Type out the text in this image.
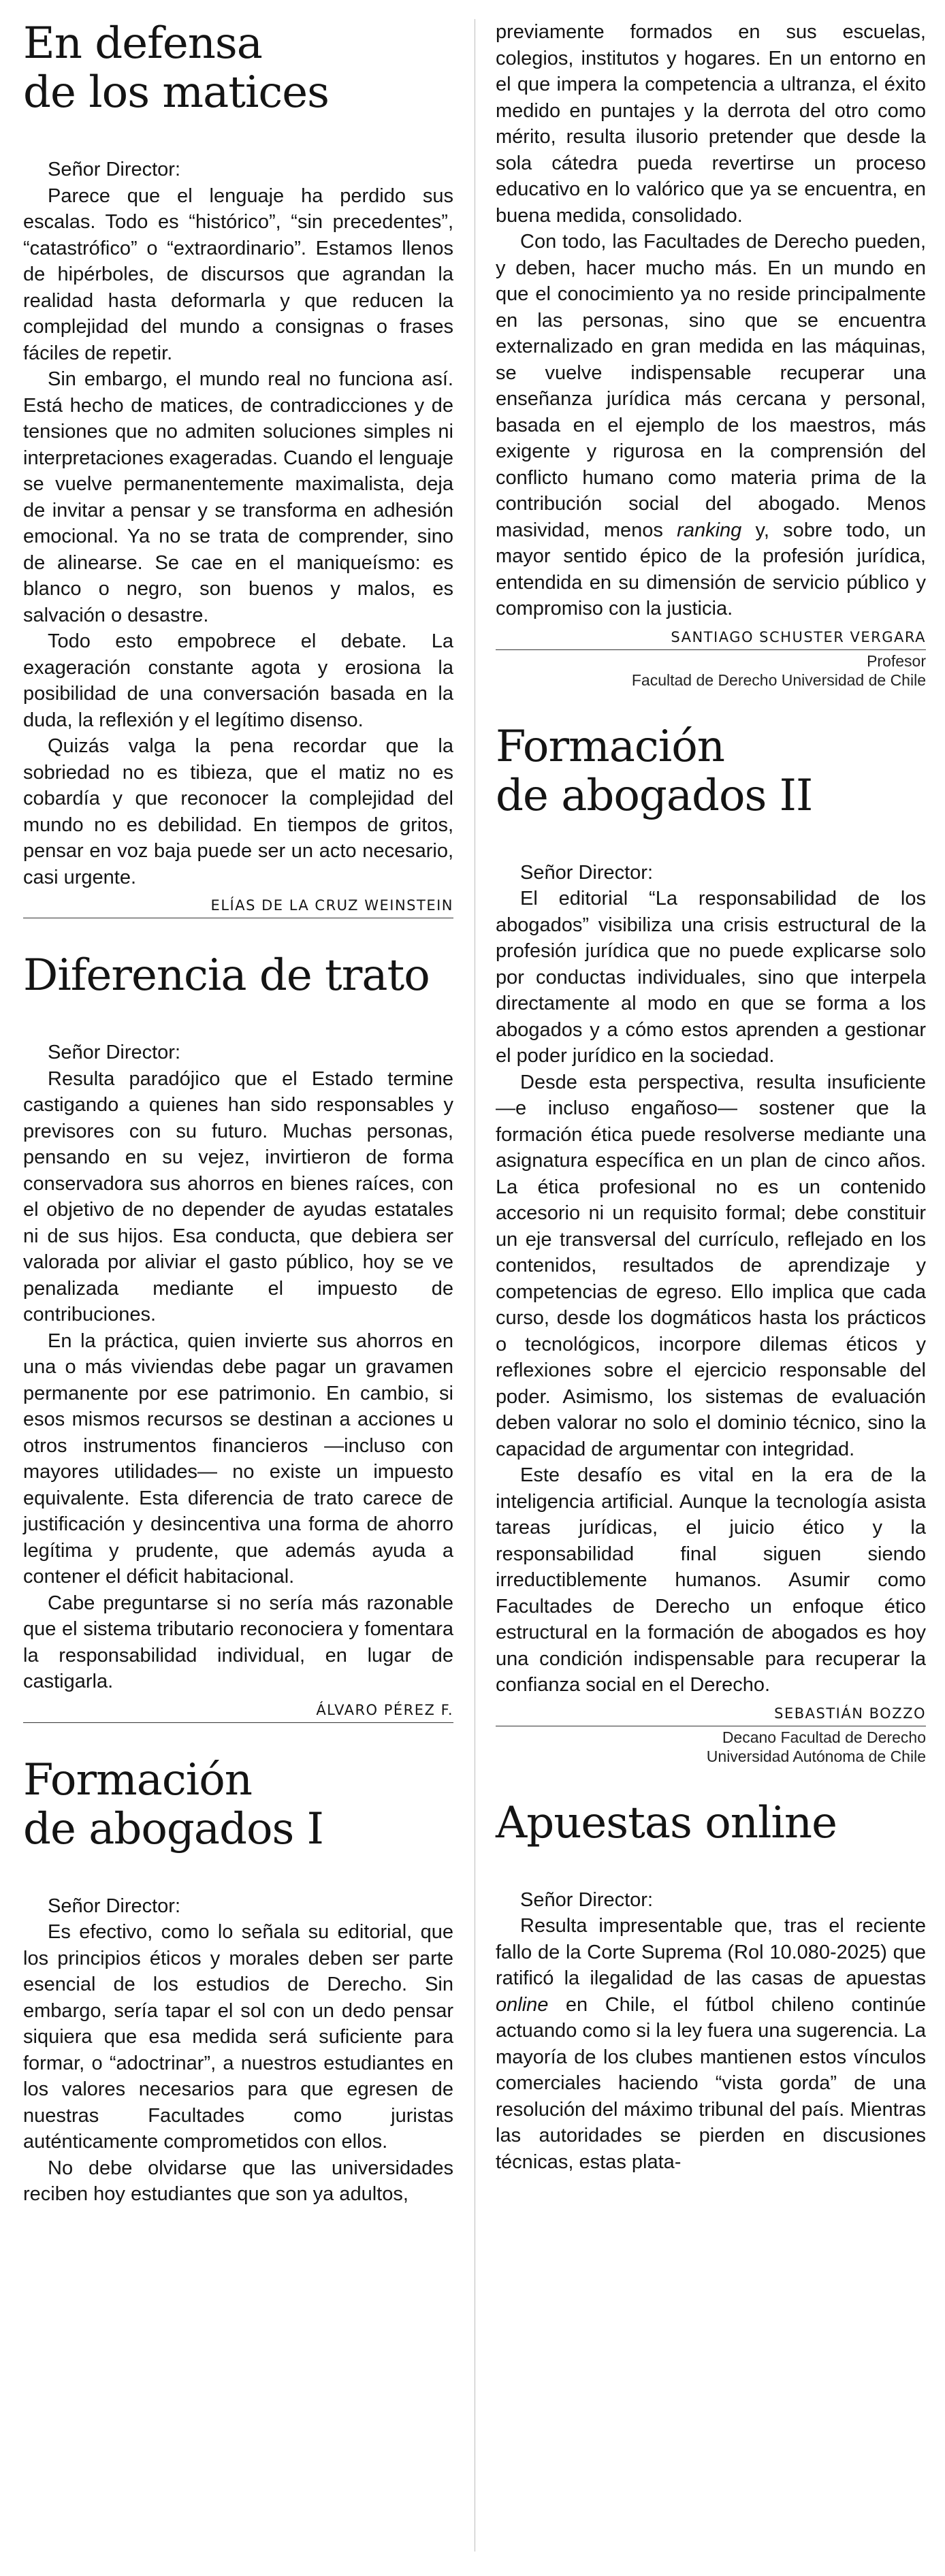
En defensa
de los matices

Señor Director:

Parece que el lenguaje ha perdido sus escalas. Todo es “histórico”, “sin precedentes”, “catastrófico” o “extraordinario”. Estamos llenos de hipérboles, de discursos que agrandan la realidad hasta deformarla y que reducen la complejidad del mundo a consignas o frases fáciles de repetir.

Sin embargo, el mundo real no funciona así. Está hecho de matices, de contradicciones y de tensiones que no admiten soluciones simples ni interpretaciones exageradas. Cuando el lenguaje se vuelve permanentemente maximalista, deja de invitar a pensar y se transforma en adhesión emocional. Ya no se trata de comprender, sino de alinearse. Se cae en el maniqueísmo: es blanco o negro, son buenos y malos, es salvación o desastre.

Todo esto empobrece el debate. La exageración constante agota y erosiona la posibilidad de una conversación basada en la duda, la reflexión y el legítimo disenso.

Quizás valga la pena recordar que la sobriedad no es tibieza, que el matiz no es cobardía y que reconocer la complejidad del mundo no es debilidad. En tiempos de gritos, pensar en voz baja puede ser un acto necesario, casi urgente.

ELÍAS DE LA CRUZ WEINSTEIN
Diferencia de trato

Señor Director:

Resulta paradójico que el Estado termine castigando a quienes han sido responsables y previsores con su futuro. Muchas personas, pensando en su vejez, invirtieron de forma conservadora sus ahorros en bienes raíces, con el objetivo de no depender de ayudas estatales ni de sus hijos. Esa conducta, que debiera ser valorada por aliviar el gasto público, hoy se ve penalizada mediante el impuesto de contribuciones.

En la práctica, quien invierte sus ahorros en una o más viviendas debe pagar un gravamen permanente por ese patrimonio. En cambio, si esos mismos recursos se destinan a acciones u otros instrumentos financieros —incluso con mayores utilidades— no existe un impuesto equivalente. Esta diferencia de trato carece de justificación y desincentiva una forma de ahorro legítima y prudente, que además ayuda a contener el déficit habitacional.

Cabe preguntarse si no sería más razonable que el sistema tributario reconociera y fomentara la responsabilidad individual, en lugar de castigarla.

ÁLVARO PÉREZ F.
Formación
de abogados I

Señor Director:

Es efectivo, como lo señala su editorial, que los principios éticos y morales deben ser parte esencial de los estudios de Derecho. Sin embargo, sería tapar el sol con un dedo pensar siquiera que esa medida será suficiente para formar, o “adoctrinar”, a nuestros estudiantes en los valores necesarios para que egresen de nuestras Facultades como juristas auténticamente comprometidos con ellos.

No debe olvidarse que las universidades reciben hoy estudiantes que son ya adultos,

previamente formados en sus escuelas, colegios, institutos y hogares. En un entorno en el que impera la competencia a ultranza, el éxito medido en puntajes y la derrota del otro como mérito, resulta ilusorio pretender que desde la sola cátedra pueda revertirse un proceso educativo en lo valórico que ya se encuentra, en buena medida, consolidado.

Con todo, las Facultades de Derecho pueden, y deben, hacer mucho más. En un mundo en que el conocimiento ya no reside principalmente en las personas, sino que se encuentra externalizado en gran medida en las máquinas, se vuelve indispensable recuperar una enseñanza jurídica más cercana y personal, basada en el ejemplo de los maestros, más exigente y rigurosa en la comprensión del conflicto humano como materia prima de la contribución social del abogado. Menos masividad, menos ranking y, sobre todo, un mayor sentido épico de la profesión jurídica, entendida en su dimensión de servicio público y compromiso con la justicia.

SANTIAGO SCHUSTER VERGARA
Profesor
Facultad de Derecho Universidad de Chile
Formación
de abogados II

Señor Director:

El editorial “La responsabilidad de los abogados” visibiliza una crisis estructural de la profesión jurídica que no puede explicarse solo por conductas individuales, sino que interpela directamente al modo en que se forma a los abogados y a cómo estos aprenden a gestionar el poder jurídico en la sociedad.

Desde esta perspectiva, resulta insuficiente —e incluso engañoso— sostener que la formación ética puede resolverse mediante una asignatura específica en un plan de cinco años. La ética profesional no es un contenido accesorio ni un requisito formal; debe constituir un eje transversal del currículo, reflejado en los contenidos, resultados de aprendizaje y competencias de egreso. Ello implica que cada curso, desde los dogmáticos hasta los prácticos o tecnológicos, incorpore dilemas éticos y reflexiones sobre el ejercicio responsable del poder. Asimismo, los sistemas de evaluación deben valorar no solo el dominio técnico, sino la capacidad de argumentar con integridad.

Este desafío es vital en la era de la inteligencia artificial. Aunque la tecnología asista tareas jurídicas, el juicio ético y la responsabilidad final siguen siendo irreductiblemente humanos. Asumir como Facultades de Derecho un enfoque ético estructural en la formación de abogados es hoy una condición indispensable para recuperar la confianza social en el Derecho.

SEBASTIÁN BOZZO
Decano Facultad de Derecho
Universidad Autónoma de Chile
Apuestas online

Señor Director:

Resulta impresentable que, tras el reciente fallo de la Corte Suprema (Rol 10.080-2025) que ratificó la ilegalidad de las casas de apuestas online en Chile, el fútbol chileno continúe actuando como si la ley fuera una sugerencia. La mayoría de los clubes mantienen estos vínculos comerciales haciendo “vista gorda” de una resolución del máximo tribunal del país. Mientras las autoridades se pierden en discusiones técnicas, estas plata-
